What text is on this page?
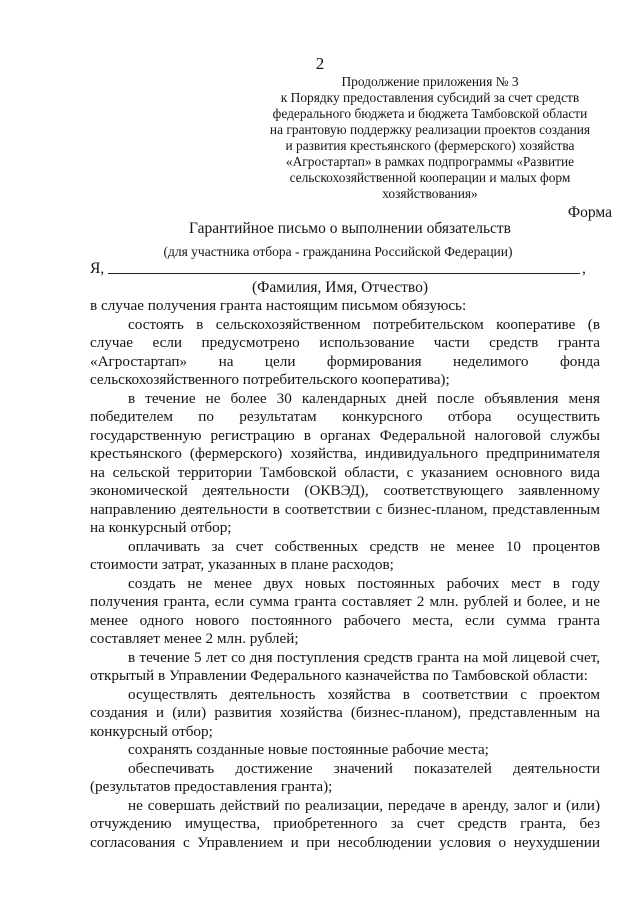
2
Продолжение приложения № 3
к Порядку предоставления субсидий за счет средств
федерального бюджета и бюджета Тамбовской области
на грантовую поддержку реализации проектов создания
и развития крестьянского (фермерского) хозяйства
«Агростартап» в рамках подпрограммы «Развитие
сельскохозяйственной кооперации и малых форм
хозяйствования»
Форма
Гарантийное письмо о выполнении обязательств
(для участника отбора - гражданина Российской Федерации)
Я,	,
(Фамилия, Имя, Отчество)
в случае получения гранта настоящим письмом обязуюсь:
состоять в сельскохозяйственном потребительском кооперативе (в
случае если предусмотрено использование части средств гранта
«Агростартап» на цели формирования неделимого фонда
сельскохозяйственного потребительского кооператива);
в течение не более 30 календарных дней после объявления меня
победителем по результатам конкурсного отбора осуществить
государственную регистрацию в органах Федеральной налоговой службы
крестьянского (фермерского) хозяйства, индивидуального предпринимателя
на сельской территории Тамбовской области, с указанием основного вида
экономической деятельности (ОКВЭД), соответствующего заявленному
направлению деятельности в соответствии с бизнес-планом, представленным
на конкурсный отбор;
оплачивать за счет собственных средств не менее 10 процентов
стоимости затрат, указанных в плане расходов;
создать не менее двух новых постоянных рабочих мест в году
получения гранта, если сумма гранта составляет 2 млн. рублей и более, и не
менее одного нового постоянного рабочего места, если сумма гранта
составляет менее 2 млн. рублей;
в течение 5 лет со дня поступления средств гранта на мой лицевой счет,
открытый в Управлении Федерального казначейства по Тамбовской области:
осуществлять деятельность хозяйства в соответствии с проектом
создания и (или) развития хозяйства (бизнес-планом), представленным на
конкурсный отбор;
сохранять созданные новые постоянные рабочие места;
обеспечивать достижение значений показателей деятельности
(результатов предоставления гранта);
не совершать действий по реализации, передаче в аренду, залог и (или)
отчуждению имущества, приобретенного за счет средств гранта, без
согласования с Управлением и при несоблюдении условия о неухудшении
